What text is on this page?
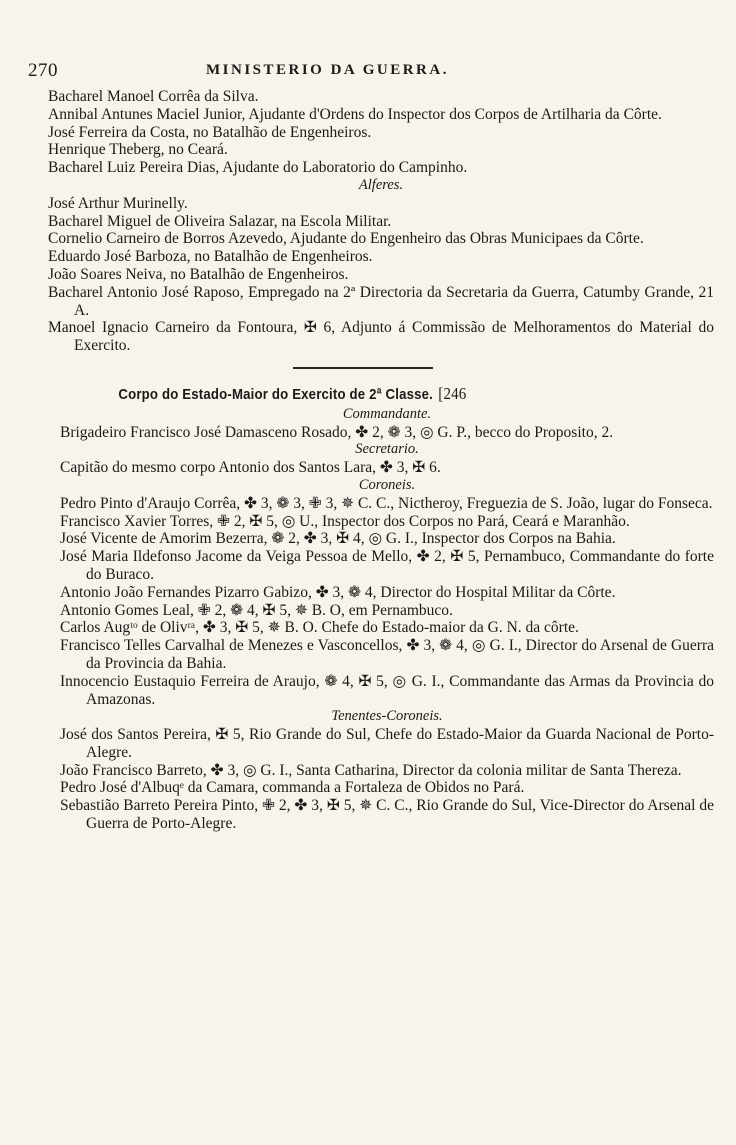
270	MINISTERIO DA GUERRA.

Bacharel Manoel Corrêa da Silva.

Annibal Antunes Maciel Junior, Ajudante d'Ordens do Inspector dos Corpos de Artilharia da Côrte.

José Ferreira da Costa, no Batalhão de Engenheiros.

Henrique Theberg, no Ceará.

Bacharel Luiz Pereira Dias, Ajudante do Laboratorio do Campinho.

Alferes.

José Arthur Murinelly.

Bacharel Miguel de Oliveira Salazar, na Escola Militar.

Cornelio Carneiro de Borros Azevedo, Ajudante do Engenheiro das Obras Municipaes da Côrte.

Eduardo José Barboza, no Batalhão de Engenheiros.

João Soares Neiva, no Batalhão de Engenheiros.

Bacharel Antonio José Raposo, Empregado na 2ª Directoria da Secretaria da Guerra, Catumby Grande, 21 A.

Manoel Ignacio Carneiro da Fontoura, ✠ 6, Adjunto á Commissão de Melhoramentos do Material do Exercito.

Corpo do Estado-Maior do Exercito de 2ª Classe. [246

Commandante.

Brigadeiro Francisco José Damasceno Rosado, ✤ 2, ❁ 3, ◎ G. P., becco do Proposito, 2.

Secretario.

Capitão do mesmo corpo Antonio dos Santos Lara, ✤ 3, ✠ 6.

Coroneis.

Pedro Pinto d'Araujo Corrêa, ✤ 3, ❁ 3, ✙ 3, ✵ C. C., Nictheroy, Freguezia de S. João, lugar do Fonseca.

Francisco Xavier Torres, ✙ 2, ✠ 5, ◎ U., Inspector dos Corpos no Pará, Ceará e Maranhão.

José Vicente de Amorim Bezerra, ❁ 2, ✤ 3, ✠ 4, ◎ G. I., Inspector dos Corpos na Bahia.

José Maria Ildefonso Jacome da Veiga Pessoa de Mello, ✤ 2, ✠ 5, Pernambuco, Commandante do forte do Buraco.

Antonio João Fernandes Pizarro Gabizo, ✤ 3, ❁ 4, Director do Hospital Militar da Côrte.

Antonio Gomes Leal, ✙ 2, ❁ 4, ✠ 5, ✵ B. O, em Pernambuco.

Carlos Augᵗᵒ de Olivʳᵃ, ✤ 3, ✠ 5, ✵ B. O. Chefe do Estado-maior da G. N. da côrte.

Francisco Telles Carvalhal de Menezes e Vasconcellos, ✤ 3, ❁ 4, ◎ G. I., Director do Arsenal de Guerra da Provincia da Bahia.

Innocencio Eustaquio Ferreira de Araujo, ❁ 4, ✠ 5, ◎ G. I., Commandante das Armas da Provincia do Amazonas.

Tenentes-Coroneis.

José dos Santos Pereira, ✠ 5, Rio Grande do Sul, Chefe do Estado-Maior da Guarda Nacional de Porto-Alegre.

João Francisco Barreto, ✤ 3, ◎ G. I., Santa Catharina, Director da colonia militar de Santa Thereza.

Pedro José d'Albuqᵉ da Camara, commanda a Fortaleza de Obidos no Pará.

Sebastião Barreto Pereira Pinto, ✙ 2, ✤ 3, ✠ 5, ✵ C. C., Rio Grande do Sul, Vice-Director do Arsenal de Guerra de Porto-Alegre.
